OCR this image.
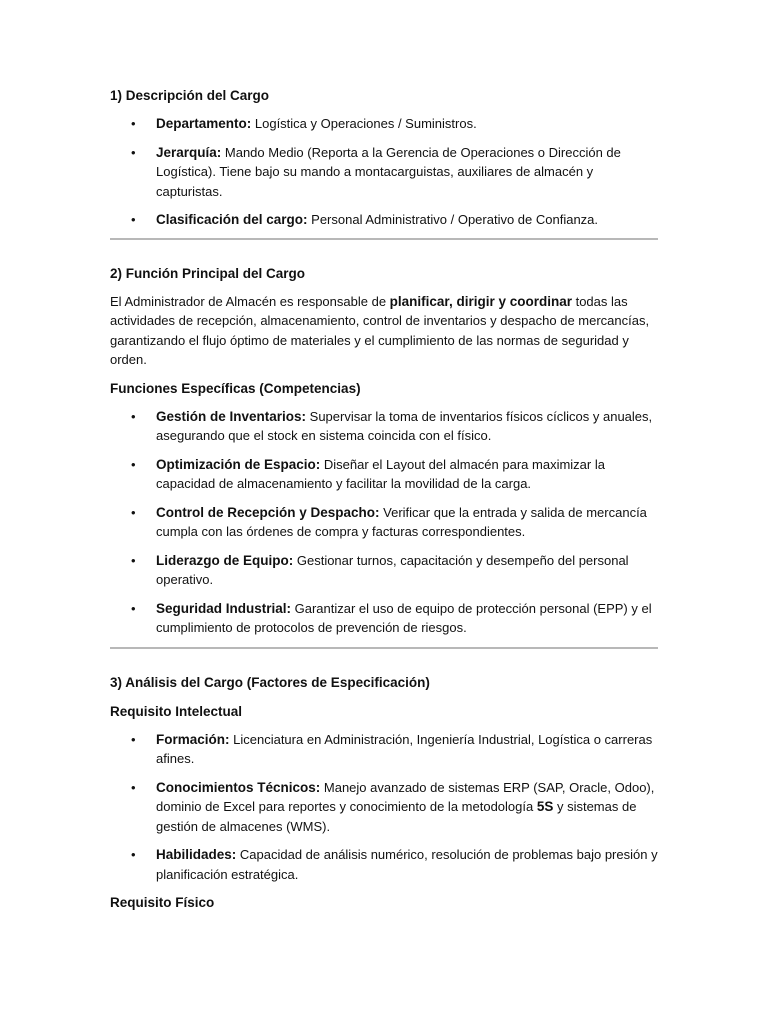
1) Descripción del Cargo

• Departamento: Logística y Operaciones / Suministros.
• Jerarquía: Mando Medio (Reporta a la Gerencia de Operaciones o Dirección de Logística). Tiene bajo su mando a montacarguistas, auxiliares de almacén y capturistas.
• Clasificación del cargo: Personal Administrativo / Operativo de Confianza.

2) Función Principal del Cargo

El Administrador de Almacén es responsable de planificar, dirigir y coordinar todas las actividades de recepción, almacenamiento, control de inventarios y despacho de mercancías, garantizando el flujo óptimo de materiales y el cumplimiento de las normas de seguridad y orden.

Funciones Específicas (Competencias)

• Gestión de Inventarios: Supervisar la toma de inventarios físicos cíclicos y anuales, asegurando que el stock en sistema coincida con el físico.
• Optimización de Espacio: Diseñar el Layout del almacén para maximizar la capacidad de almacenamiento y facilitar la movilidad de la carga.
• Control de Recepción y Despacho: Verificar que la entrada y salida de mercancía cumpla con las órdenes de compra y facturas correspondientes.
• Liderazgo de Equipo: Gestionar turnos, capacitación y desempeño del personal operativo.
• Seguridad Industrial: Garantizar el uso de equipo de protección personal (EPP) y el cumplimiento de protocolos de prevención de riesgos.

3) Análisis del Cargo (Factores de Especificación)

Requisito Intelectual

• Formación: Licenciatura en Administración, Ingeniería Industrial, Logística o carreras afines.
• Conocimientos Técnicos: Manejo avanzado de sistemas ERP (SAP, Oracle, Odoo), dominio de Excel para reportes y conocimiento de la metodología 5S y sistemas de gestión de almacenes (WMS).
• Habilidades: Capacidad de análisis numérico, resolución de problemas bajo presión y planificación estratégica.

Requisito Físico
